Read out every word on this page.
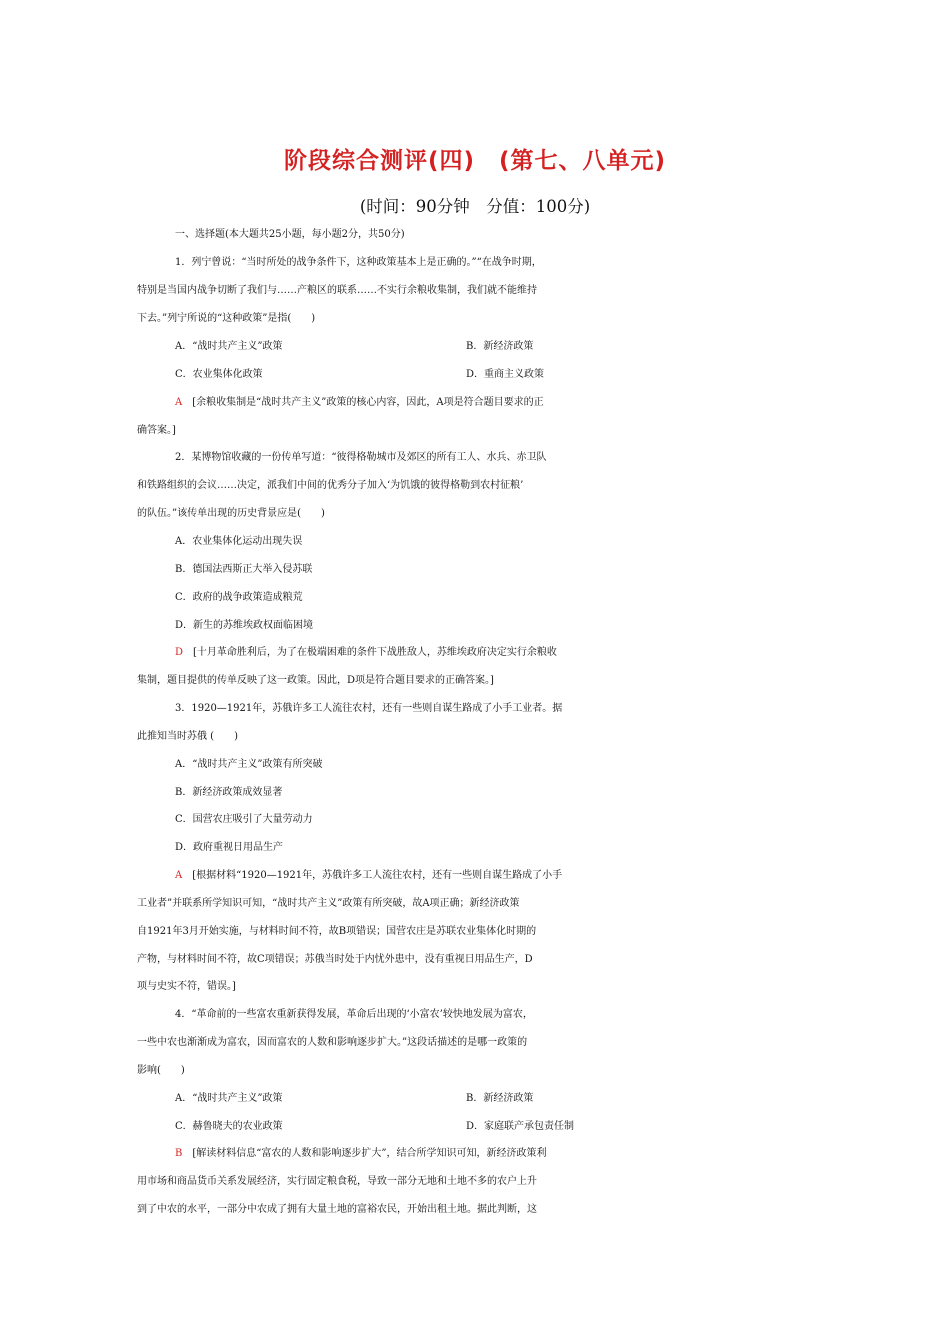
阶段综合测评(四)　(第七、八单元)
(时间：90分钟　分值：100分)
一、选择题(本大题共25小题，每小题2分，共50分)
1．列宁曾说：“当时所处的战争条件下，这种政策基本上是正确的。”“在战争时期，
特别是当国内战争切断了我们与……产粮区的联系……不实行余粮收集制，我们就不能维持
下去。”列宁所说的“这种政策”是指(　　)
A．“战时共产主义”政策	B．新经济政策
C．农业集体化政策	D．重商主义政策
A　 [余粮收集制是“战时共产主义”政策的核心内容，因此，A项是符合题目要求的正
确答案。]
2．某博物馆收藏的一份传单写道：“彼得格勒城市及郊区的所有工人、水兵、赤卫队
和铁路组织的会议……决定，派我们中间的优秀分子加入‘为饥饿的彼得格勒到农村征粮’
的队伍。”该传单出现的历史背景应是(　　)
A．农业集体化运动出现失误
B．德国法西斯正大举入侵苏联
C．政府的战争政策造成粮荒
D．新生的苏维埃政权面临困境
D　 [十月革命胜利后，为了在极端困难的条件下战胜敌人，苏维埃政府决定实行余粮收
集制，题目提供的传单反映了这一政策。因此，D项是符合题目要求的正确答案。]
3．1920—1921年，苏俄许多工人流往农村，还有一些则自谋生路成了小手工业者。据
此推知当时苏俄 (　　)
A．“战时共产主义”政策有所突破
B．新经济政策成效显著
C．国营农庄吸引了大量劳动力
D．政府重视日用品生产
A　 [根据材料“1920—1921年，苏俄许多工人流往农村，还有一些则自谋生路成了小手
工业者”并联系所学知识可知，“战时共产主义”政策有所突破，故A项正确；新经济政策
自1921年3月开始实施，与材料时间不符，故B项错误；国营农庄是苏联农业集体化时期的
产物，与材料时间不符，故C项错误；苏俄当时处于内忧外患中，没有重视日用品生产，D
项与史实不符，错误。]
4．“革命前的一些富农重新获得发展，革命后出现的‘小富农’较快地发展为富农，
一些中农也渐渐成为富农，因而富农的人数和影响逐步扩大。”这段话描述的是哪一政策的
影响(　　)
A．“战时共产主义”政策	B．新经济政策
C．赫鲁晓夫的农业政策	D．家庭联产承包责任制
B　 [解读材料信息“富农的人数和影响逐步扩大”，结合所学知识可知，新经济政策利
用市场和商品货币关系发展经济，实行固定粮食税，导致一部分无地和土地不多的农户上升
到了中农的水平，一部分中农成了拥有大量土地的富裕农民，开始出租土地。据此判断，这
